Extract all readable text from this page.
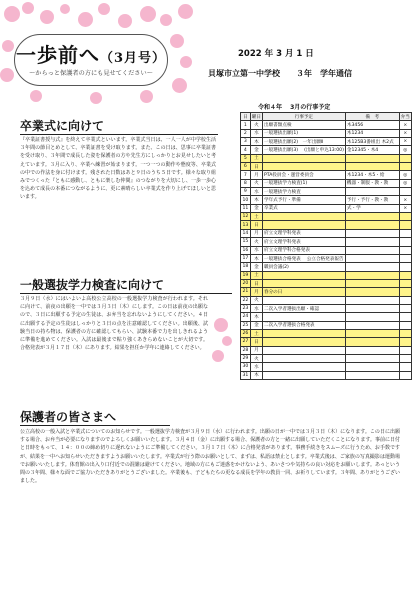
一歩前へ（3月号）
〜からっと保護者の方にも見せてください〜
2022 年 3 月 1 日
貝塚市立第一中学校　　３年　学年通信
卒業式に向けて
『卒業証書授与式』を終えて卒業式といいます。卒業式当日は、一人一人が中学校生活３年間の節目とめとして、卒業証書を受け取ります。また、この日は、思事に卒業証書を受け取り、３年間で成長した姿を保護者の方や先生方にしっかりとお見せしたいと考えています。３月に入り、卒業へ練習が始まります。一つ一つの動作や態度等、卒業式の中での作法を身に付けます。残された日数はあと９日のうち５日です。様々な取り組みでつくった『ともに感動し、ともに楽しむ仲間』のつながりを大切にし、一歩一歩心を込めて成長の本番につながるように、更に素晴らしい卒業式を作り上げてほしいと思います。
一般選抜学力検査に向けて
３月９日（水）にはいよいよ高校公立高校の一般選抜学力検査が行われます。それに向けて、前夜の出願を一中では３月３日（木）にします。この日は前夜の出願なので、３日に出願する予定の生徒は、お弁当を忘れないようにしてください。４日に出願する予定の生徒はしっかりと３日の点を注意確認してください。出願後、試験当日の持ち物は、保護者の方に確認してもらい、試験本番で力を出しきれるように準備を進めてください。入試は最後まで粘り強くあきらめないことが大切です。合格発表が３月１７日（木）にあります。結果を担任か学年に連絡してください。
保護者の皆さまへ
公立高校の一般入試と卒業式についてのお知らせです。一般選抜学力検査が３月９日（水）に行われます。出願の日が一中では３月３日（木）になります。この日に出願する場合、お弁当が必要になりますのでよろしくお願いいたします。３月４日（金）に出願する場合、保護者の方と一緒に出願していただくことになります。事前に日付と日時をもって、１４：００の締め切りに遅れないようにご準備してください。３月１７日（木）に合格発表があります。事務手続きをスムーズに行うため、お手数ですが、結果を一中へお知らせいただきますようお願いいたします。卒業式が行う際のお願いとして、まずは、私語は禁止とします。卒業式後は、ご家族の写真撮影は運動場でお願いいたします。体育館の出入り口付近での混雑は避けてください。地域の方にもご迷惑をかけないよう、あいさつや気持ちの良い対応をお願いします。あっという間の３年間、様々な面でご協力いただきありがとうございました。卒業後も、子どもたちの更なる成長を学年の教員一同、お祈りしています。３年間、ありがとうございました。
令和４年　 3月の行事予定
日	曜日	行事予定	備　考	弁当
1	火	出願書類点検	木3456	×
2	水	一般選抜出願(1)	木1234	×
3	木	一般選抜出願(2)　一年出願Ⅱ	木125B3番組出 木2式	×
4	金	一般選抜出願(3)　 (出願と申込13:00)	金12345・木4	◎
5	土			
6	日			
7	月	PTA役員会・運営委員会	木1234・木5・給	◎
8	火	一般選抜学力検査(1)	機器・制服・教・教	◎
9	水	一般選抜学力検査		
10	木	学年式予行・準備	予行・予行・教・教	×
11	金	卒業式	式・学	×
12	土			
13	日			
14	月	府立文理学科発表		
15	火	府立文理学科発表		
16	水	府立文理学科合格発表		
17	木	一般選抜合格発表　 公立合格発表報告		
18	金	職員会議(2)		
19	土			
20	日			
21	月	春分の日		
22	火			
23	水	二次入学者選抜出願・確認		
24	木			
25	金	二次入学者選抜合格発表		
26	土			
27	日			
28	月			
29	火			
30	水			
31	木			
